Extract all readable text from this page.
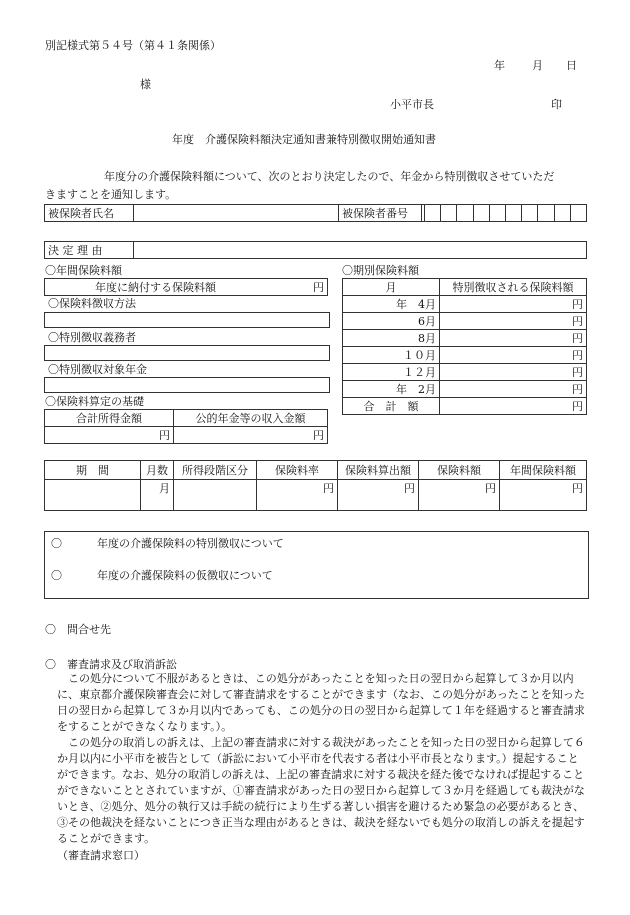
別記様式第５４号（第４１条関係）
年 月 日
様
小平市長	印
年度　介護保険料額決定通知書兼特別徴収開始通知書
年度分の介護保険料額について、次のとおり決定したので、年金から特別徴収させていただ
きますことを通知します。
被保険者氏名		被保険者番号											
決 定 理 由	
〇年間保険料額
年度に納付する保険料額	円
〇保険料徴収方法
〇特別徴収義務者
〇特別徴収対象年金
〇保険料算定の基礎
合計所得金額	公的年金等の収入金額
円	円
〇期別保険料額
月	特別徴収される保険料額
年　4月	円
6月	円
8月	円
１０月	円
１２月	円
年　2月	円
合　計　額	円
期　間	月数	所得段階区分	保険料率	保険料算出額	保険料額	年間保険料額
	月		円	円	円	円
〇	年度の介護保険料の特別徴収について
〇	年度の介護保険料の仮徴収について
〇　問合せ先
〇　審査請求及び取消訴訟
この処分について不服があるときは、この処分があったことを知った日の翌日から起算して３か月以内に、東京都介護保険審査会に対して審査請求をすることができます（なお、この処分があったことを知った日の翌日から起算して３か月以内であっても、この処分の日の翌日から起算して１年を経過すると審査請求をすることができなくなります。）。
この処分の取消しの訴えは、上記の審査請求に対する裁決があったことを知った日の翌日から起算して６か月以内に小平市を被告として（訴訟において小平市を代表する者は小平市長となります。）提起することができます。なお、処分の取消しの訴えは、上記の審査請求に対する裁決を経た後でなければ提起することができないこととされていますが、①審査請求があった日の翌日から起算して３か月を経過しても裁決がないとき、②処分、処分の執行又は手続の続行により生ずる著しい損害を避けるため緊急の必要があるとき、③その他裁決を経ないことにつき正当な理由があるときは、裁決を経ないでも処分の取消しの訴えを提起することができます。
（審査請求窓口）
